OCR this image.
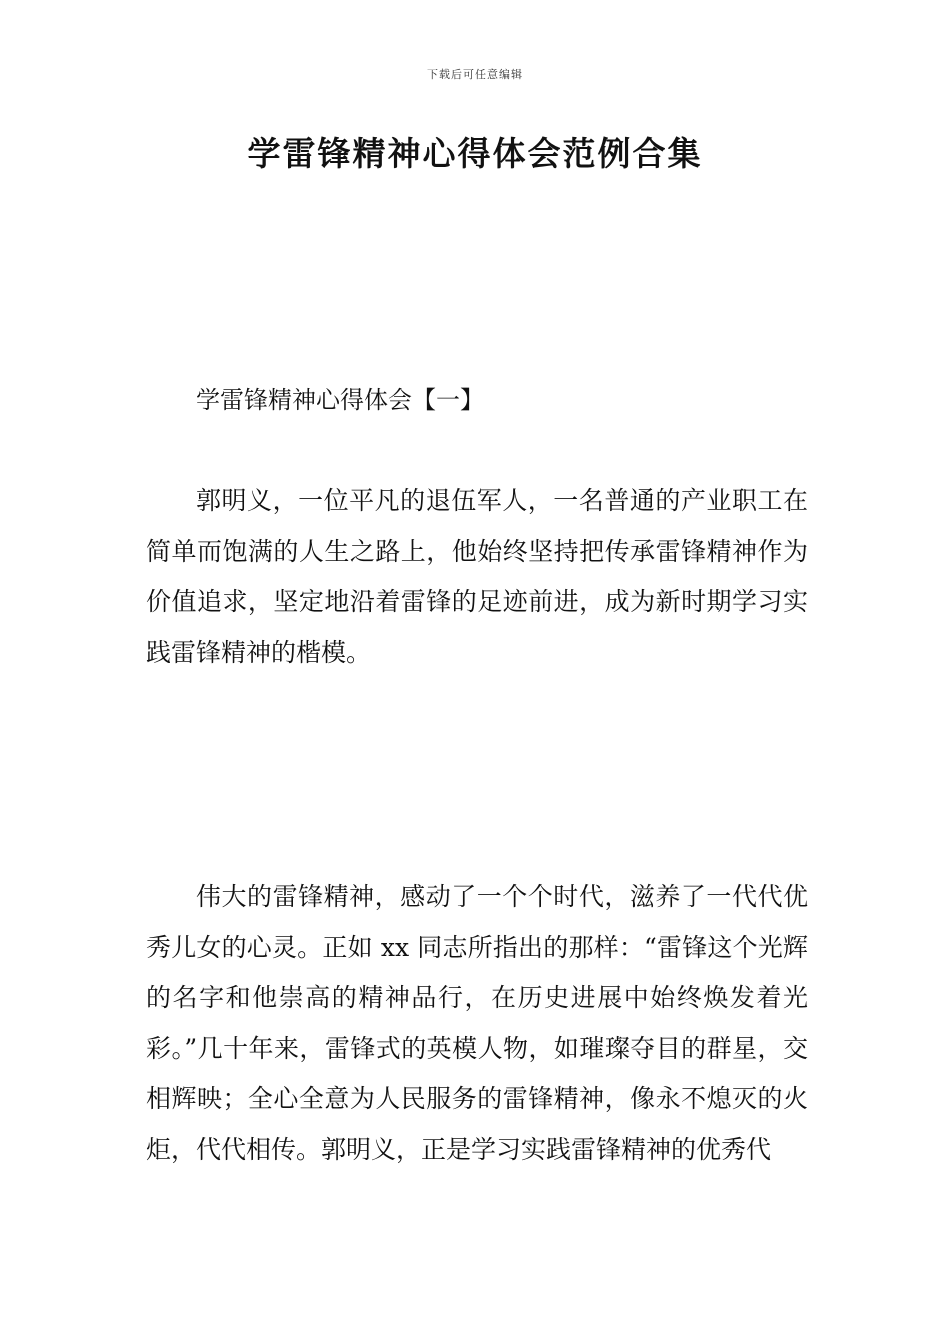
下载后可任意编辑
学雷锋精神心得体会范例合集
学雷锋精神心得体会【一】

郭明义，一位平凡的退伍军人，一名普通的产业职工在简单而饱满的人生之路上，他始终坚持把传承雷锋精神作为价值追求，坚定地沿着雷锋的足迹前进，成为新时期学习实践雷锋精神的楷模。

伟大的雷锋精神，感动了一个个时代，滋养了一代代优秀儿女的心灵。正如 xx 同志所指出的那样：“雷锋这个光辉的名字和他崇高的精神品行，在历史进展中始终焕发着光彩。”几十年来，雷锋式的英模人物，如璀璨夺目的群星，交相辉映；全心全意为人民服务的雷锋精神，像永不熄灭的火炬，代代相传。郭明义，正是学习实践雷锋精神的优秀代
